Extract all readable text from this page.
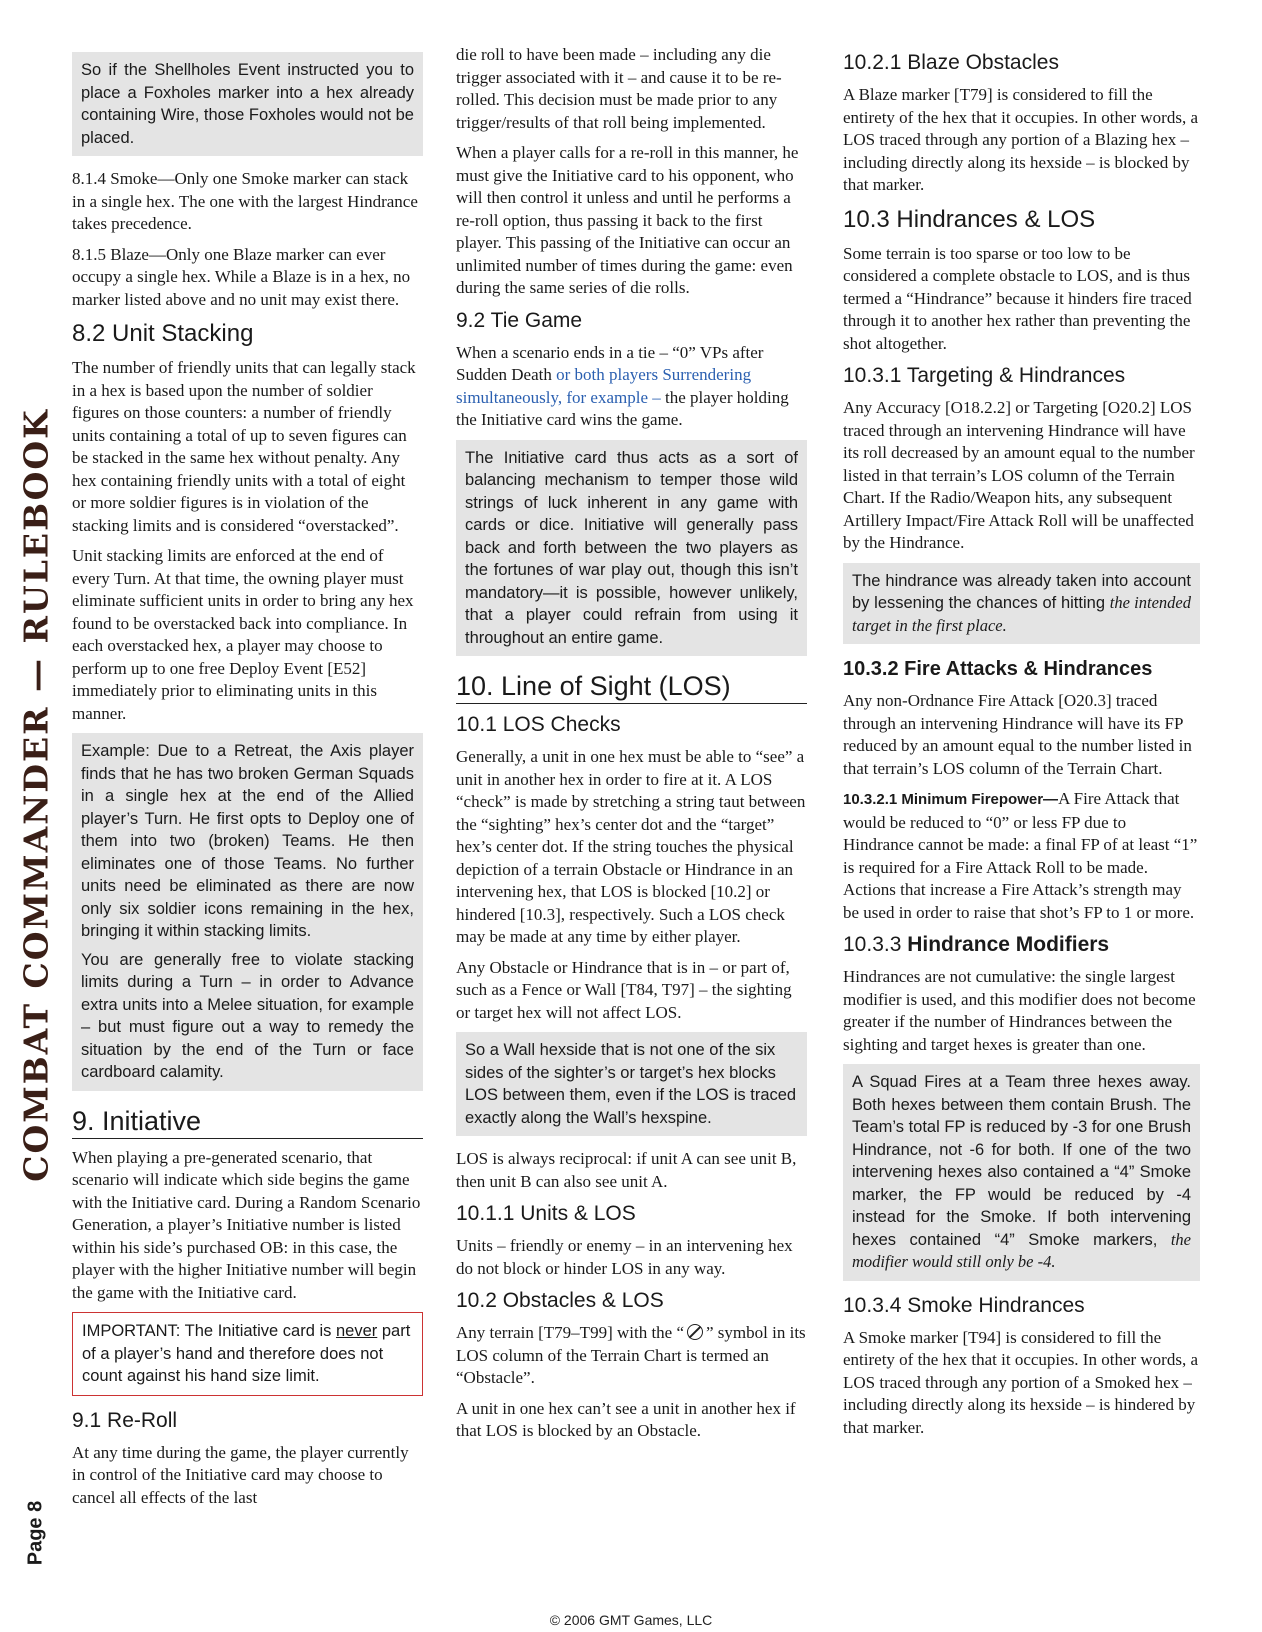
COMBAT COMMANDER — RULEBOOK
Page 8

So if the Shellholes Event instructed you to place a Foxholes marker into a hex already containing Wire, those Foxholes would not be placed.

8.1.4 Smoke—Only one Smoke marker can stack in a single hex. The one with the largest Hindrance takes precedence.

8.1.5 Blaze—Only one Blaze marker can ever occupy a single hex. While a Blaze is in a hex, no marker listed above and no unit may exist there.

8.2 Unit Stacking

The number of friendly units that can legally stack in a hex is based upon the number of soldier figures on those counters: a number of friendly units containing a total of up to seven figures can be stacked in the same hex without penalty. Any hex containing friendly units with a total of eight or more soldier figures is in violation of the stacking limits and is considered “overstacked”.

Unit stacking limits are enforced at the end of every Turn. At that time, the owning player must eliminate sufficient units in order to bring any hex found to be overstacked back into compliance. In each overstacked hex, a player may choose to perform up to one free Deploy Event [E52] immediately prior to eliminating units in this manner.

Example: Due to a Retreat, the Axis player finds that he has two broken German Squads in a single hex at the end of the Allied player’s Turn. He first opts to Deploy one of them into two (broken) Teams. He then eliminates one of those Teams. No further units need be eliminated as there are now only six soldier icons remaining in the hex, bringing it within stacking limits.

You are generally free to violate stacking limits during a Turn – in order to Advance extra units into a Melee situation, for example – but must figure out a way to remedy the situation by the end of the Turn or face cardboard calamity.

9. Initiative

When playing a pre-generated scenario, that scenario will indicate which side begins the game with the Initiative card. During a Random Scenario Generation, a player’s Initiative number is listed within his side’s purchased OB: in this case, the player with the higher Initiative number will begin the game with the Initiative card.

IMPORTANT: The Initiative card is never part of a player’s hand and therefore does not count against his hand size limit.

9.1 Re-Roll

At any time during the game, the player currently in control of the Initiative card may choose to cancel all effects of the last

die roll to have been made – including any die trigger associated with it – and cause it to be re-rolled. This decision must be made prior to any trigger/results of that roll being implemented.

When a player calls for a re-roll in this manner, he must give the Initiative card to his opponent, who will then control it unless and until he performs a re-roll option, thus passing it back to the first player. This passing of the Initiative can occur an unlimited number of times during the game: even during the same series of die rolls.

9.2 Tie Game

When a scenario ends in a tie – “0” VPs after Sudden Death or both players Surrendering simultaneously, for example – the player holding the Initiative card wins the game.

The Initiative card thus acts as a sort of balancing mechanism to temper those wild strings of luck inherent in any game with cards or dice. Initiative will generally pass back and forth between the two players as the fortunes of war play out, though this isn’t mandatory—it is possible, however unlikely, that a player could refrain from using it throughout an entire game.

10. Line of Sight (LOS)
10.1 LOS Checks

Generally, a unit in one hex must be able to “see” a unit in another hex in order to fire at it. A LOS “check” is made by stretching a string taut between the “sighting” hex’s center dot and the “target” hex’s center dot. If the string touches the physical depiction of a terrain Obstacle or Hindrance in an intervening hex, that LOS is blocked [10.2] or hindered [10.3], respectively. Such a LOS check may be made at any time by either player.

Any Obstacle or Hindrance that is in – or part of, such as a Fence or Wall [T84, T97] – the sighting or target hex will not affect LOS.

So a Wall hexside that is not one of the six sides of the sighter’s or target’s hex blocks LOS between them, even if the LOS is traced exactly along the Wall’s hexspine.

LOS is always reciprocal: if unit A can see unit B, then unit B can also see unit A.

10.1.1 Units & LOS

Units – friendly or enemy – in an intervening hex do not block or hinder LOS in any way.

10.2 Obstacles & LOS

Any terrain [T79–T99] with the “ ” symbol in its LOS column of the Terrain Chart is termed an “Obstacle”.

A unit in one hex can’t see a unit in another hex if that LOS is blocked by an Obstacle.

10.2.1 Blaze Obstacles

A Blaze marker [T79] is considered to fill the entirety of the hex that it occupies. In other words, a LOS traced through any portion of a Blazing hex – including directly along its hexside – is blocked by that marker.

10.3 Hindrances & LOS

Some terrain is too sparse or too low to be considered a complete obstacle to LOS, and is thus termed a “Hindrance” because it hinders fire traced through it to another hex rather than preventing the shot altogether.

10.3.1 Targeting & Hindrances

Any Accuracy [O18.2.2] or Targeting [O20.2] LOS traced through an intervening Hindrance will have its roll decreased by an amount equal to the number listed in that terrain’s LOS column of the Terrain Chart. If the Radio/Weapon hits, any subsequent Artillery Impact/Fire Attack Roll will be unaffected by the Hindrance.

The hindrance was already taken into account by lessening the chances of hitting the intended target in the first place.

10.3.2 Fire Attacks & Hindrances

Any non-Ordnance Fire Attack [O20.3] traced through an intervening Hindrance will have its FP reduced by an amount equal to the number listed in that terrain’s LOS column of the Terrain Chart.

10.3.2.1 Minimum Firepower—A Fire Attack that would be reduced to “0” or less FP due to Hindrance cannot be made: a final FP of at least “1” is required for a Fire Attack Roll to be made. Actions that increase a Fire Attack’s strength may be used in order to raise that shot’s FP to 1 or more.

10.3.3 Hindrance Modifiers

Hindrances are not cumulative: the single largest modifier is used, and this modifier does not become greater if the number of Hindrances between the sighting and target hexes is greater than one.

A Squad Fires at a Team three hexes away. Both hexes between them contain Brush. The Team’s total FP is reduced by -3 for one Brush Hindrance, not -6 for both. If one of the two intervening hexes also contained a “4” Smoke marker, the FP would be reduced by -4 instead for the Smoke. If both intervening hexes contained “4” Smoke markers, the modifier would still only be -4.

10.3.4 Smoke Hindrances

A Smoke marker [T94] is considered to fill the entirety of the hex that it occupies. In other words, a LOS traced through any portion of a Smoked hex – including directly along its hexside – is hindered by that marker.

© 2006 GMT Games, LLC
